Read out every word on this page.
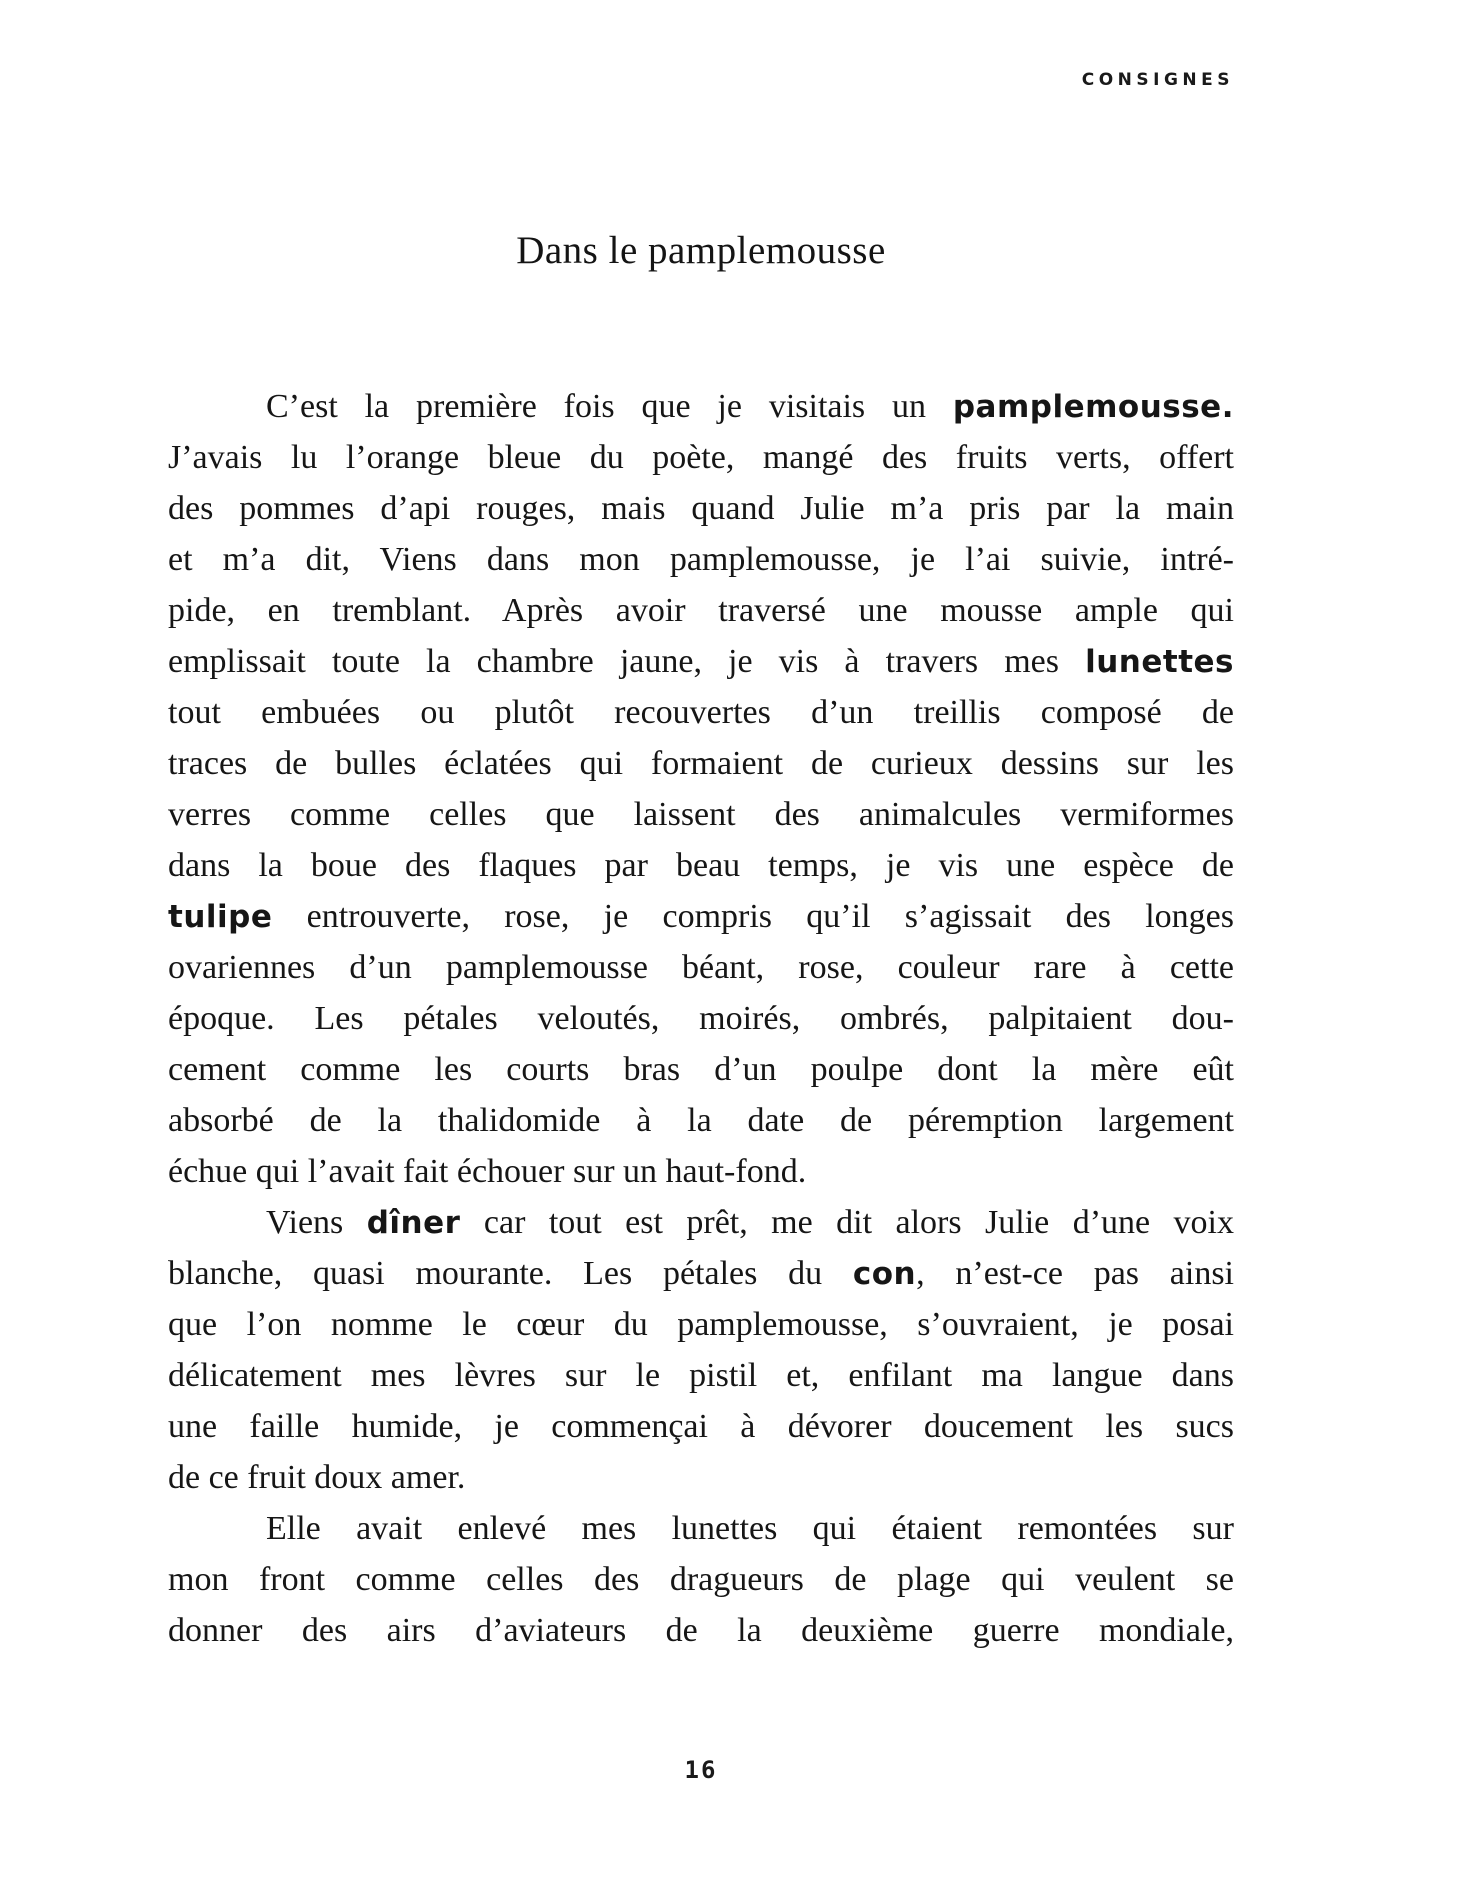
CONSIGNES
Dans le pamplemousse
C’est la première fois que je visitais un pamplemousse.
J’avais lu l’orange bleue du poète, mangé des fruits verts, offert
des pommes d’api rouges, mais quand Julie m’a pris par la main
et m’a dit, Viens dans mon pamplemousse, je l’ai suivie, intré-
pide, en tremblant. Après avoir traversé une mousse ample qui
emplissait toute la chambre jaune, je vis à travers mes lunettes
tout embuées ou plutôt recouvertes d’un treillis composé de
traces de bulles éclatées qui formaient de curieux dessins sur les
verres comme celles que laissent des animalcules vermiformes
dans la boue des flaques par beau temps, je vis une espèce de
tulipe entrouverte, rose, je compris qu’il s’agissait des longes
ovariennes d’un pamplemousse béant, rose, couleur rare à cette
époque. Les pétales veloutés, moirés, ombrés, palpitaient dou-
cement comme les courts bras d’un poulpe dont la mère eût
absorbé de la thalidomide à la date de péremption largement
échue qui l’avait fait échouer sur un haut-fond.
Viens dîner car tout est prêt, me dit alors Julie d’une voix
blanche, quasi mourante. Les pétales du con, n’est-ce pas ainsi
que l’on nomme le cœur du pamplemousse, s’ouvraient, je posai
délicatement mes lèvres sur le pistil et, enfilant ma langue dans
une faille humide, je commençai à dévorer doucement les sucs
de ce fruit doux amer.
Elle avait enlevé mes lunettes qui étaient remontées sur
mon front comme celles des dragueurs de plage qui veulent se
donner des airs d’aviateurs de la deuxième guerre mondiale,
16
